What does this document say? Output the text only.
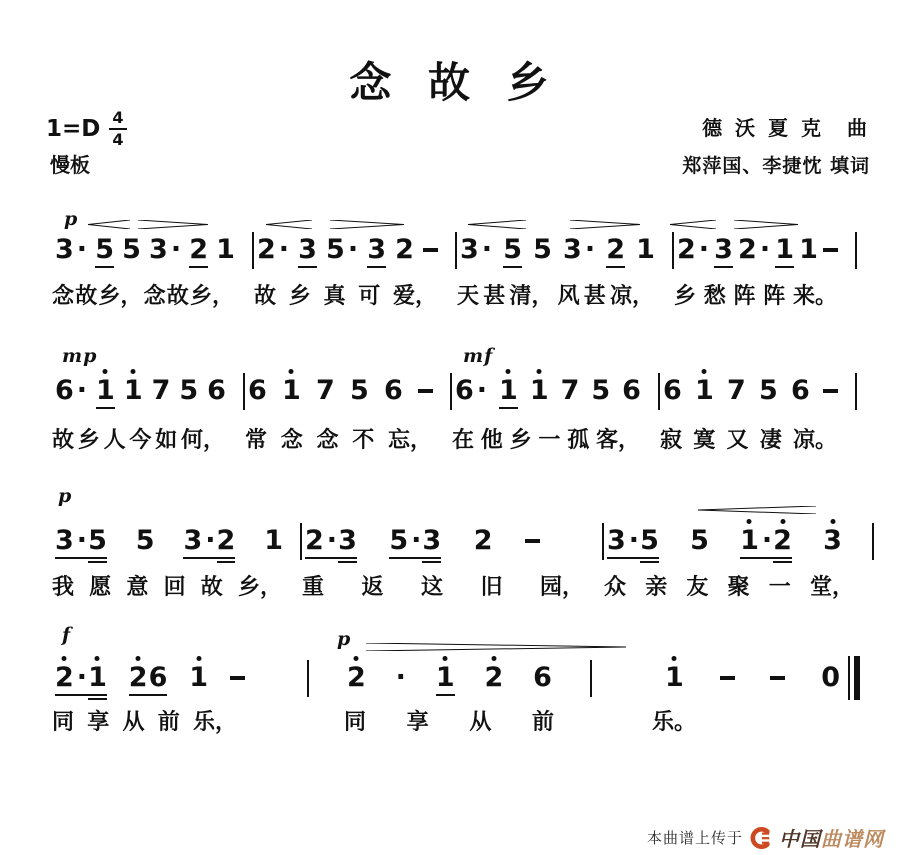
念 故 乡
$1=D \frac{4}{4}$
慢板
德 沃 夏 克　曲
郑萍国、李捷忱 填词
p
3 · 5 5 3 · 2 1
念 故 乡， 念 故 乡，
2 · 3 5 · 3 2
故 乡 真 可 爱，
3 · 5 5 3 · 2 1
天 甚 清， 风 甚 凉，
2 · 3 2 · 1 1
乡 愁 阵 阵 来。
mp	mf
6 · 1 1 7 5 6
故 乡 人 今 如 何，
6 1 7 5 6
常 念 念 不 忘，
6 · 1 1 7 5 6
在 他 乡 一 孤 客，
6 1 7 5 6
寂 寞 又 凄 凉。
p
3 · 5 5 3 · 2 1
我 愿 意 回 故 乡，
2 · 3 5 · 3 2
重 返 这 旧 园，
3 · 5 5 1 · 2 3
众 亲 友 聚 一 堂，
f	p
2 · 1 2 6 1
同 享 从 前 乐，
2 · 1 2 6
同 享 从 前
1	0
乐。
本曲谱上传于 中国曲谱网
